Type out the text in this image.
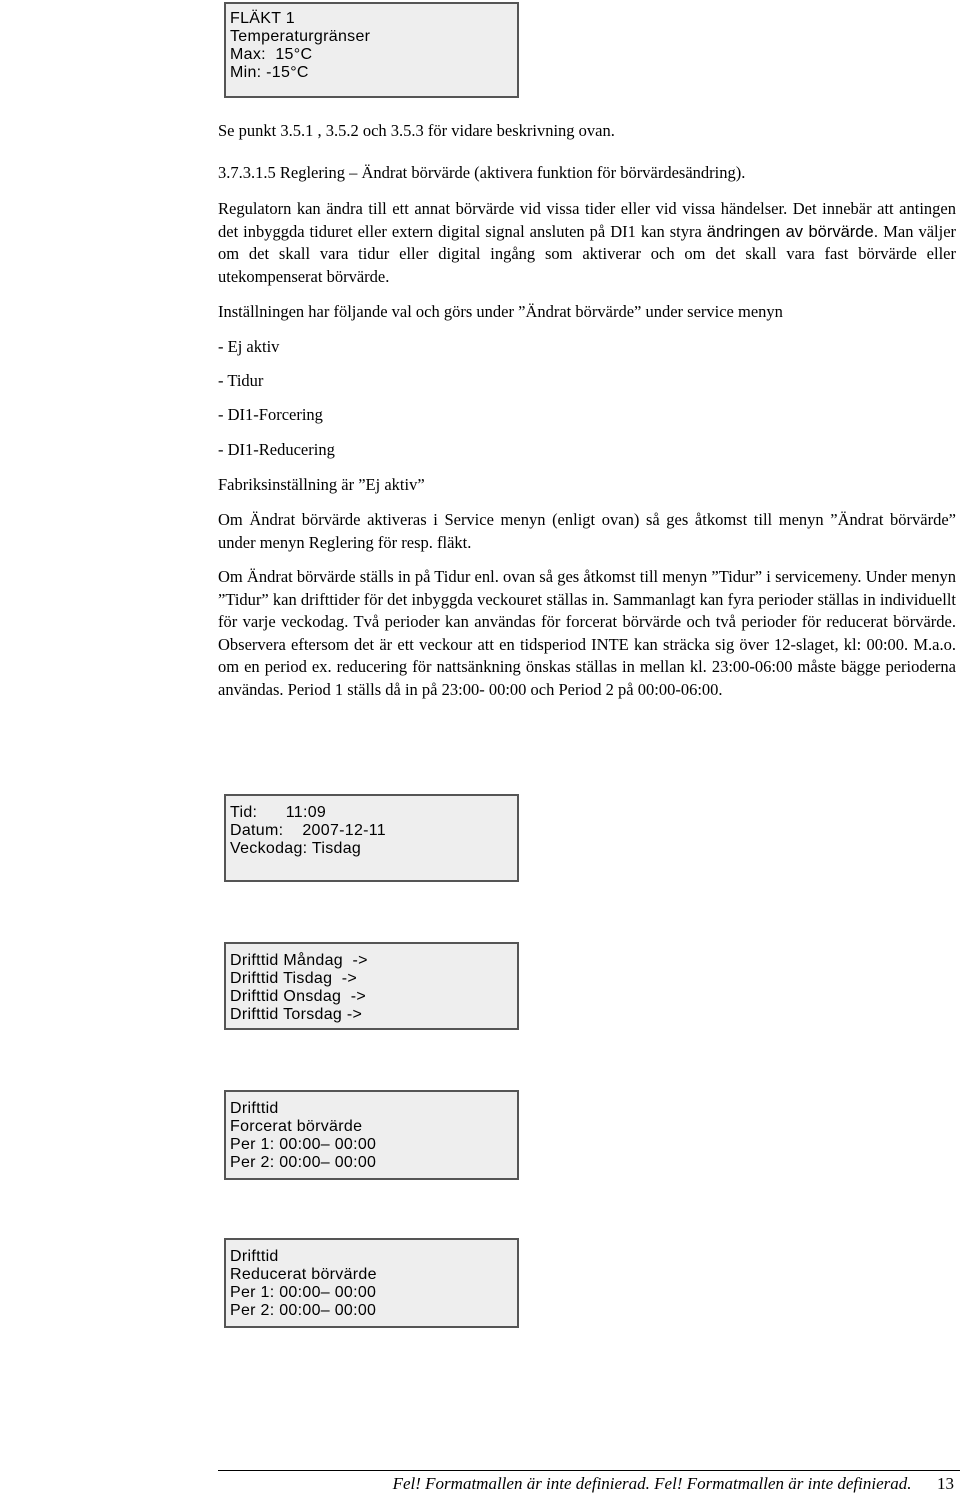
FLÄKT 1
Temperaturgränser
Max:  15°C
Min: -15°C
Se punkt 3.5.1 , 3.5.2 och 3.5.3 för vidare beskrivning ovan.
3.7.3.1.5 Reglering – Ändrat börvärde (aktivera funktion för börvärdesändring).

Regulatorn kan ändra till ett annat börvärde vid vissa tider eller vid vissa händelser. Det innebär att antingen det inbyggda tiduret eller extern digital signal ansluten på DI1 kan styra ändringen av börvärde. Man väljer om det skall vara tidur eller digital ingång som aktiverar och om det skall vara fast börvärde eller utekompenserat börvärde.

Inställningen har följande val och görs under ”Ändrat börvärde” under service menyn
- Ej aktiv
- Tidur
- DI1-Forcering
- DI1-Reducering
Fabriksinställning är ”Ej aktiv”

Om Ändrat börvärde aktiveras i Service menyn (enligt ovan) så ges åtkomst till menyn ”Ändrat börvärde” under menyn Reglering för resp. fläkt.

Om Ändrat börvärde ställs in på Tidur enl. ovan så ges åtkomst till menyn ”Tidur” i servicemeny. Under menyn ”Tidur” kan drifttider för det inbyggda veckouret ställas in. Sammanlagt kan fyra perioder ställas in individuellt för varje veckodag. Två perioder kan användas för forcerat börvärde och två perioder för reducerat börvärde. Observera eftersom det är ett veckour att en tidsperiod INTE kan sträcka sig över 12-slaget, kl: 00:00. M.a.o. om en period ex. reducering för nattsänkning önskas ställas in mellan kl. 23:00-06:00 måste bägge perioderna användas. Period 1 ställs då in på 23:00- 00:00 och Period 2 på 00:00-06:00.

Tid:      11:09
Datum:    2007-12-11
Veckodag: Tisdag
Drifttid Måndag  ->
Drifttid Tisdag  ->
Drifttid Onsdag  ->
Drifttid Torsdag ->
Drifttid
Forcerat börvärde
Per 1: 00:00– 00:00
Per 2: 00:00– 00:00
Drifttid
Reducerat börvärde
Per 1: 00:00– 00:00
Per 2: 00:00– 00:00
Fel! Formatmallen är inte definierad. Fel! Formatmallen är inte definierad. 13
